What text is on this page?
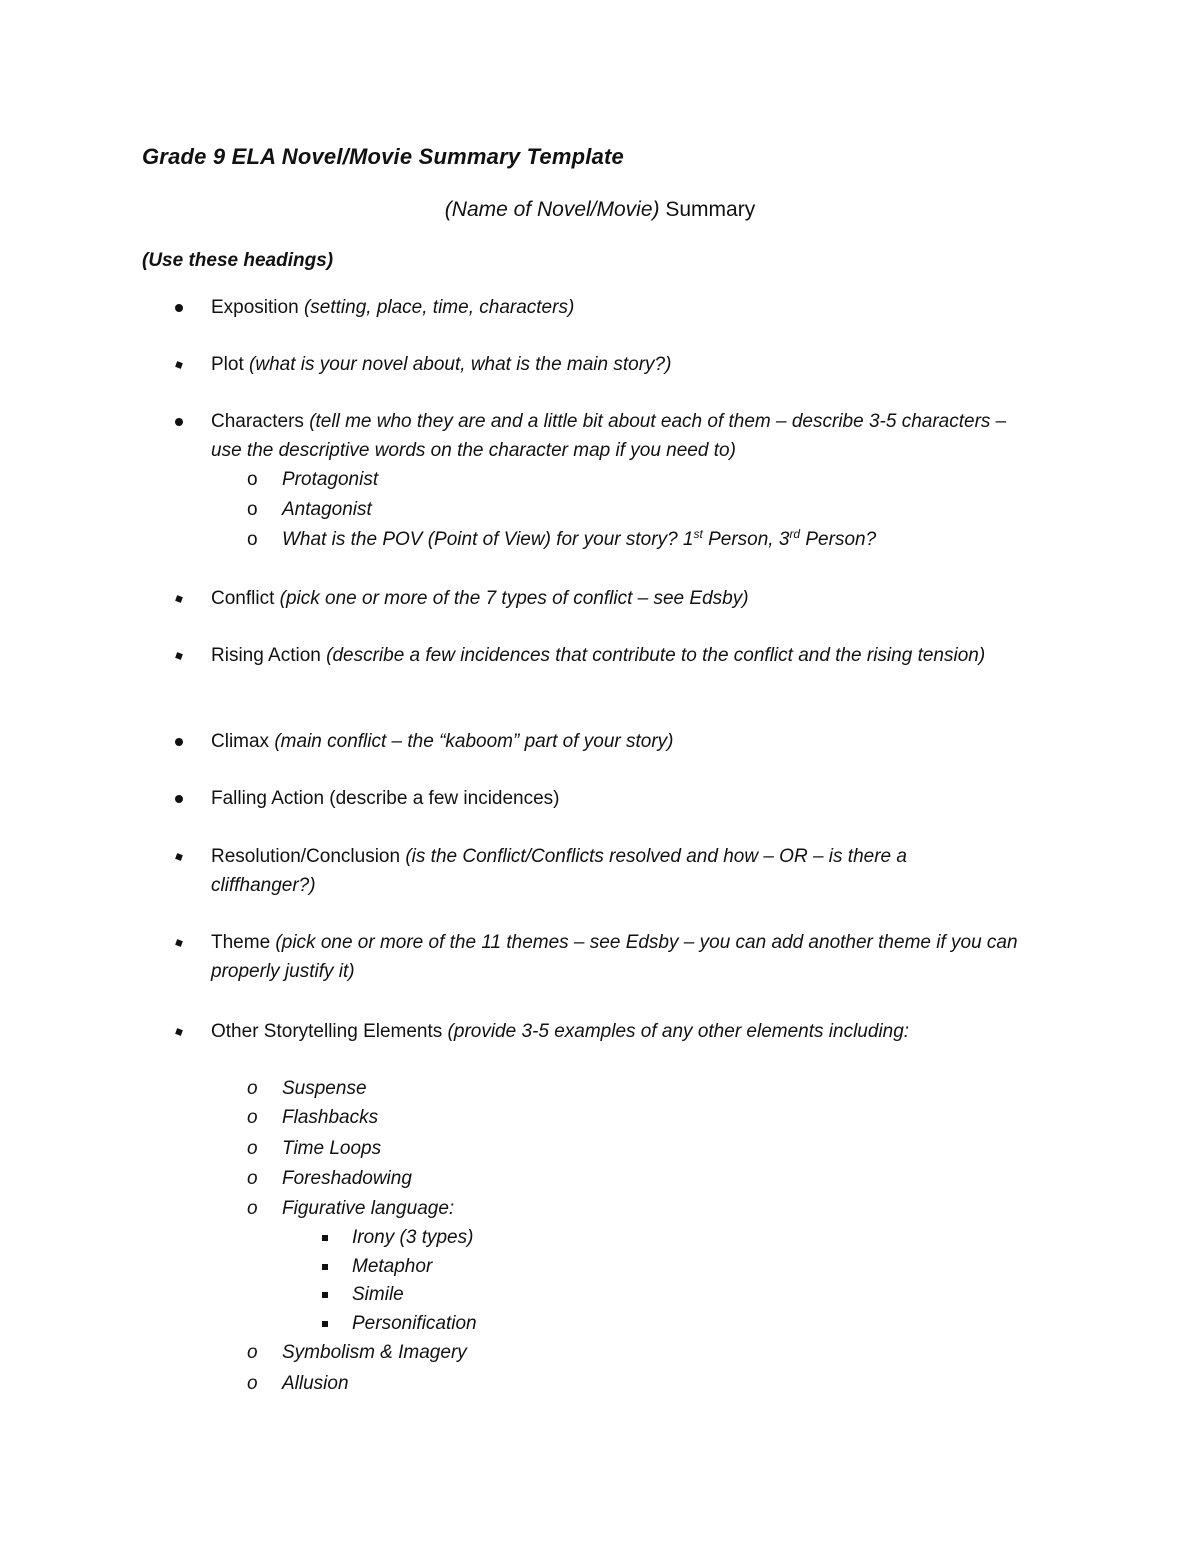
Grade 9 ELA Novel/Movie Summary Template
(Name of Novel/Movie) Summary
(Use these headings)
Exposition (setting, place, time, characters)
Plot (what is your novel about, what is the main story?)
Characters (tell me who they are and a little bit about each of them – describe 3-5 characters – use the descriptive words on the character map if you need to)
o Protagonist
o Antagonist
o What is the POV (Point of View) for your story? 1st Person, 3rd Person?
Conflict (pick one or more of the 7 types of conflict – see Edsby)
Rising Action (describe a few incidences that contribute to the conflict and the rising tension)
Climax (main conflict – the “kaboom” part of your story)
Falling Action (describe a few incidences)
Resolution/Conclusion (is the Conflict/Conflicts resolved and how – OR – is there a cliffhanger?)
Theme (pick one or more of the 11 themes – see Edsby – you can add another theme if you can properly justify it)
Other Storytelling Elements (provide 3-5 examples of any other elements including:
o Suspense
o Flashbacks
o Time Loops
o Foreshadowing
o Figurative language:
Irony (3 types)
Metaphor
Simile
Personification
o Symbolism & Imagery
o Allusion
